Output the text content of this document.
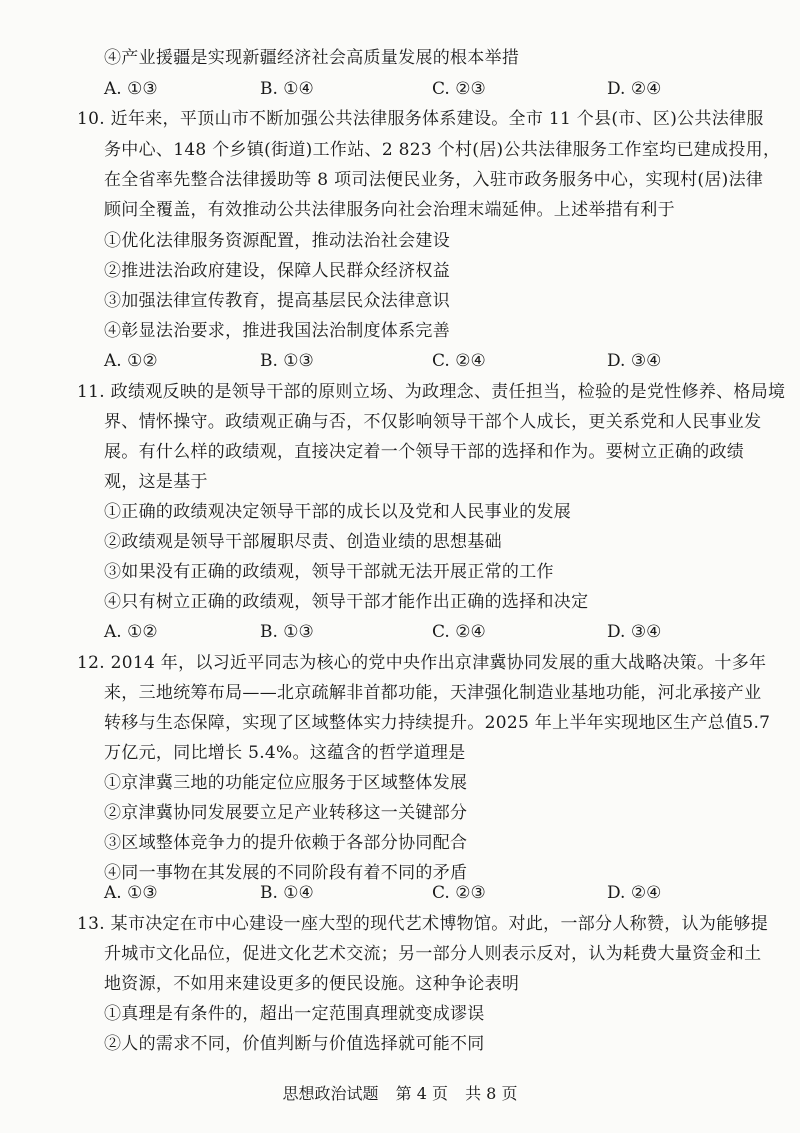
④产业援疆是实现新疆经济社会高质量发展的根本举措
A. ①③	B. ①④	C. ②③	D. ②④
10. 近年来，平顶山市不断加强公共法律服务体系建设。全市 11 个县(市、区)公共法律服
务中心、148 个乡镇(街道)工作站、2 823 个村(居)公共法律服务工作室均已建成投用，
在全省率先整合法律援助等 8 项司法便民业务，入驻市政务服务中心，实现村(居)法律
顾问全覆盖，有效推动公共法律服务向社会治理末端延伸。上述举措有利于
①优化法律服务资源配置，推动法治社会建设
②推进法治政府建设，保障人民群众经济权益
③加强法律宣传教育，提高基层民众法律意识
④彰显法治要求，推进我国法治制度体系完善
A. ①②	B. ①③	C. ②④	D. ③④
11. 政绩观反映的是领导干部的原则立场、为政理念、责任担当，检验的是党性修养、格局境
界、情怀操守。政绩观正确与否，不仅影响领导干部个人成长，更关系党和人民事业发
展。有什么样的政绩观，直接决定着一个领导干部的选择和作为。要树立正确的政绩
观，这是基于
①正确的政绩观决定领导干部的成长以及党和人民事业的发展
②政绩观是领导干部履职尽责、创造业绩的思想基础
③如果没有正确的政绩观，领导干部就无法开展正常的工作
④只有树立正确的政绩观，领导干部才能作出正确的选择和决定
A. ①②	B. ①③	C. ②④	D. ③④
12. 2014 年，以习近平同志为核心的党中央作出京津冀协同发展的重大战略决策。十多年
来，三地统筹布局——北京疏解非首都功能，天津强化制造业基地功能，河北承接产业
转移与生态保障，实现了区域整体实力持续提升。2025 年上半年实现地区生产总值5.7
万亿元，同比增长 5.4%。这蕴含的哲学道理是
①京津冀三地的功能定位应服务于区域整体发展
②京津冀协同发展要立足产业转移这一关键部分
③区域整体竞争力的提升依赖于各部分协同配合
④同一事物在其发展的不同阶段有着不同的矛盾
A. ①③	B. ①④	C. ②③	D. ②④
13. 某市决定在市中心建设一座大型的现代艺术博物馆。对此，一部分人称赞，认为能够提
升城市文化品位，促进文化艺术交流；另一部分人则表示反对，认为耗费大量资金和土
地资源，不如用来建设更多的便民设施。这种争论表明
①真理是有条件的，超出一定范围真理就变成谬误
②人的需求不同，价值判断与价值选择就可能不同
思想政治试题 第 4 页 共 8 页
